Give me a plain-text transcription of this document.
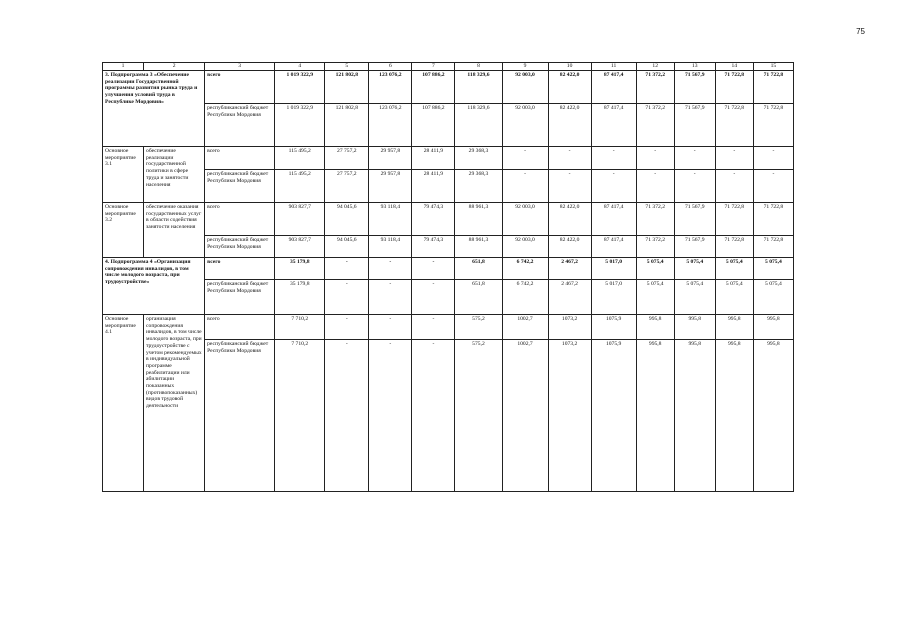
75
1	2	3	4	5	6	7	8	9	10	11	12	13	14	15
3. Подпрограмма 3 «Обеспечение реализации Государственной программы развития рынка труда и улучшения условий труда в Республике Мордовия»		всего	1 019 322,9	121 802,8	123 076,2	107 886,2	118 329,6	92 003,0	82 422,0	87 417,4	71 372,2	71 567,9	71 722,8	71 722,8
		республиканский бюджет Республики Мордовия	1 019 322,9	121 802,8	123 076,2	107 886,2	118 329,6	92 003,0	82 422,0	87 417,4	71 372,2	71 567,9	71 722,8	71 722,8
Основное мероприятие 3.1	обеспечение реализации государственной политики в сфере труда и занятости населения	всего	115 495,2	27 757,2	29 957,8	28 411,9	29 368,3	-	-	-	-	-	-	-
		республиканский бюджет Республики Мордовия	115 495,2	27 757,2	29 957,8	28 411,9	29 368,3	-	-	-	-	-	-	-
Основное мероприятие 3.2	обеспечение оказания государственных услуг в области содействия занятости населения	всего	903 827,7	94 045,6	93 118,4	79 474,3	88 961,3	92 003,0	82 422,0	87 417,4	71 372,2	71 567,9	71 722,8	71 722,8
		республиканский бюджет Республики Мордовия	903 827,7	94 045,6	93 118,4	79 474,3	88 961,3	92 003,0	82 422,0	87 417,4	71 372,2	71 567,9	71 722,8	71 722,8
4. Подпрограмма 4 «Организация сопровождения инвалидов, в том числе молодого возраста, при трудоустройстве»		всего	35 179,8	-	-	-	651,8	6 742,2	2 467,2	5 017,0	5 075,4	5 075,4	5 075,4	5 075,4
		республиканский бюджет Республики Мордовия	35 179,8	-	-	-	651,8	6 742,2	2 467,2	5 017,0	5 075,4	5 075,4	5 075,4	5 075,4
Основное мероприятие 4.1	организация сопровождения инвалидов, в том числе молодого возраста, при трудоустройстве с учетом рекомендуемых в индивидуальной программе реабилитации или абилитации показанных (противопоказанных) видов трудовой деятельности	всего	7 710,2	-	-	-	575,2	1002,7	1073,2	1075,9	995,8	995,8	995,8	995,8
		республиканский бюджет Республики Мордовия	7 710,2	-	-	-	575,2	1002,7	1073,2	1075,9	995,8	995,8	995,8	995,8
